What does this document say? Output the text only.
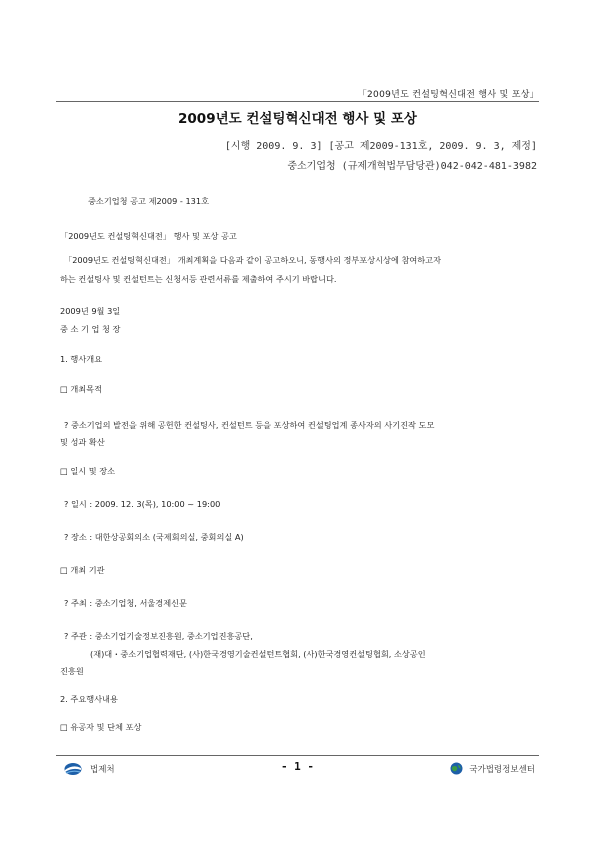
「2009년도 컨설팅혁신대전 행사 및 포상」
2009년도 컨설팅혁신대전 행사 및 포상
[시행 2009. 9. 3] [공고 제2009-131호, 2009. 9. 3, 제정]
중소기업청 (규제개혁법무담당관)042-042-481-3982
중소기업청 공고 제2009 - 131호
「2009년도 컨설팅혁신대전」 행사 및 포상 공고
「2009년도 컨설팅혁신대전」 개최계획을 다음과 같이 공고하오니, 동행사의 정부포상시상에 참여하고자
하는 컨설팅사 및 컨설턴트는 신청서등 관련서류를 제출하여 주시기 바랍니다.
2009년 9월 3일
중 소 기 업 청 장
1. 행사개요
□ 개최목적
? 중소기업의 발전을 위해 공헌한 컨설팅사, 컨설턴트 등을 포상하여 컨설팅업계 종사자의 사기진작 도모
및 성과 확산
□ 일시 및 장소
? 일시 : 2009. 12. 3(목), 10:00 ~ 19:00
? 장소 : 대한상공회의소 (국제회의실, 중회의실 A)
□ 개최 기관
? 주최 : 중소기업청, 서울경제신문
? 주관 : 중소기업기술정보진흥원, 중소기업진흥공단,
(재)대・중소기업협력재단, (사)한국경영기술컨설턴트협회, (사)한국경영컨설팅협회, 소상공인
진흥원
2. 주요행사내용
□ 유공자 및 단체 포상
법제처	- 1 -	국가법령정보센터
